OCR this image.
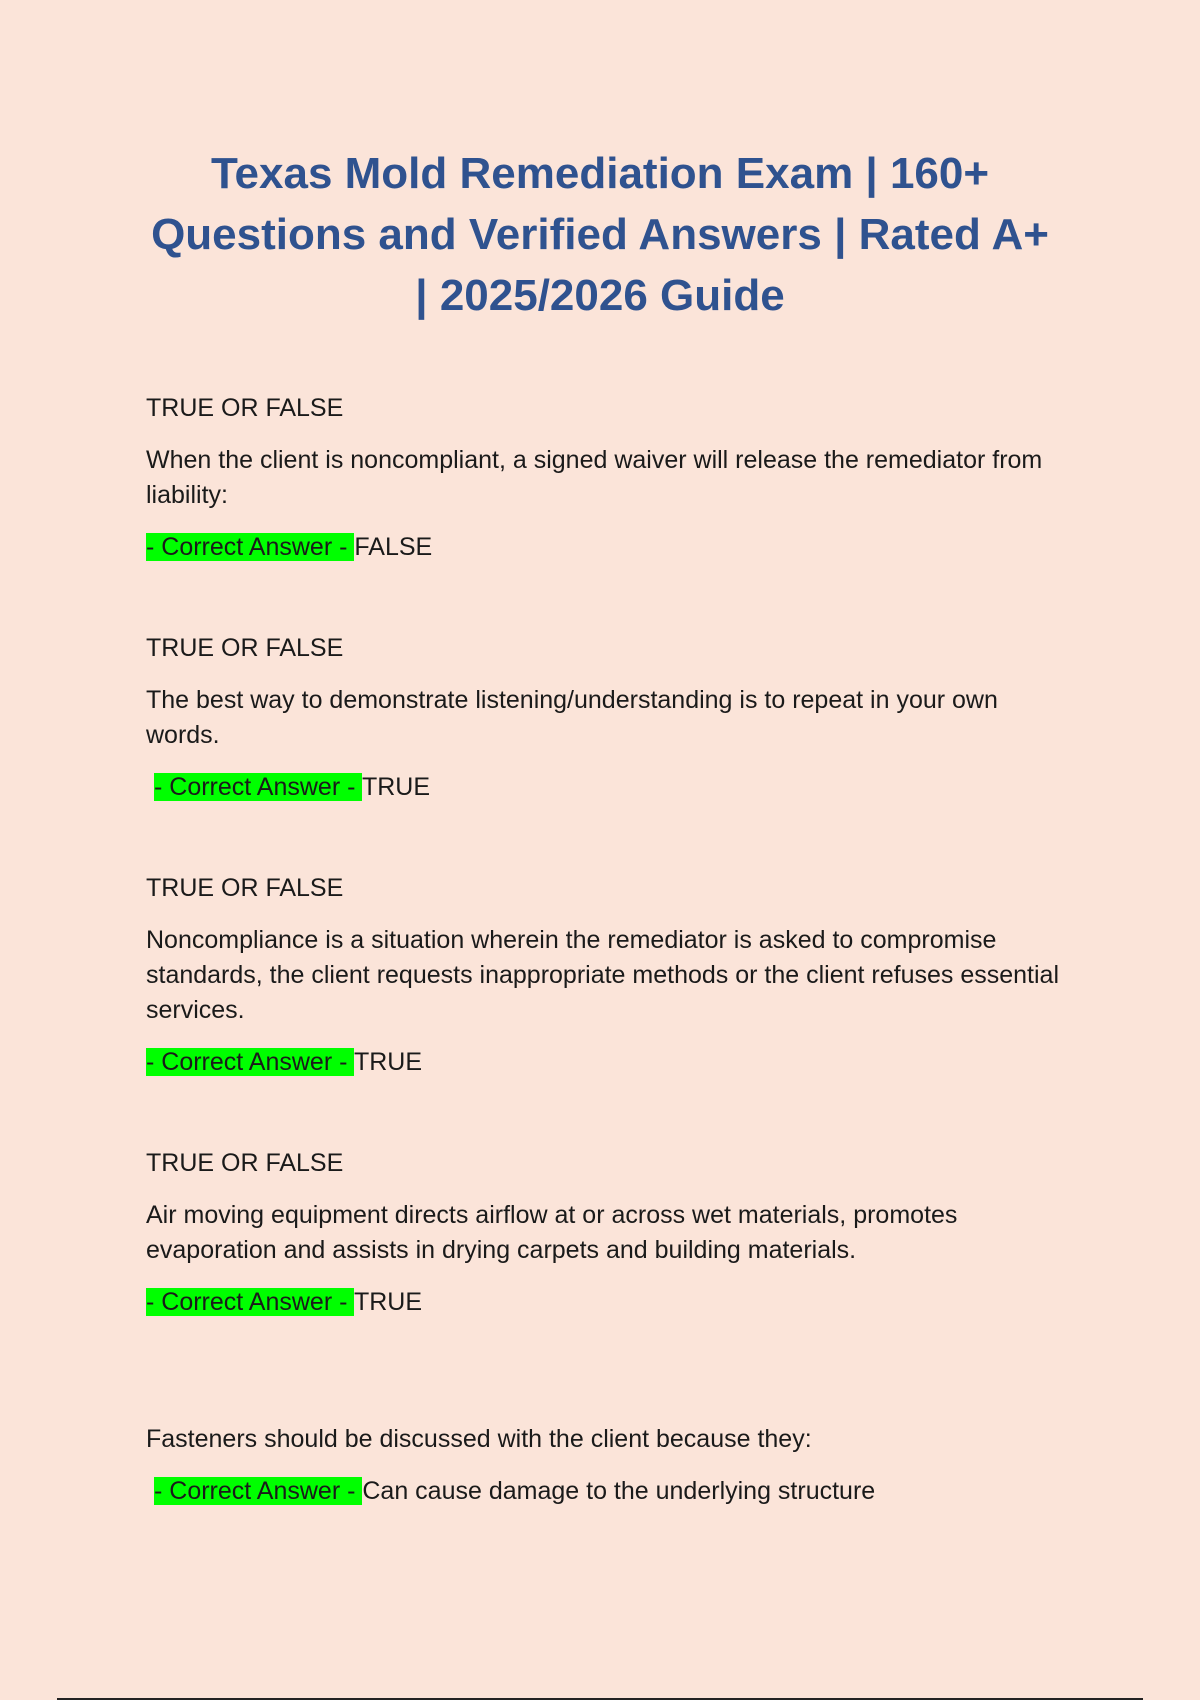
Texas Mold Remediation Exam | 160+ Questions and Verified Answers | Rated A+ | 2025/2026 Guide

TRUE OR FALSE

When the client is noncompliant, a signed waiver will release the remediator from liability:

- Correct Answer - FALSE

TRUE OR FALSE

The best way to demonstrate listening/understanding is to repeat in your own words.

- Correct Answer - TRUE

TRUE OR FALSE

Noncompliance is a situation wherein the remediator is asked to compromise standards, the client requests inappropriate methods or the client refuses essential services.

- Correct Answer - TRUE

TRUE OR FALSE

Air moving equipment directs airflow at or across wet materials, promotes evaporation and assists in drying carpets and building materials.

- Correct Answer - TRUE

Fasteners should be discussed with the client because they:

- Correct Answer - Can cause damage to the underlying structure
